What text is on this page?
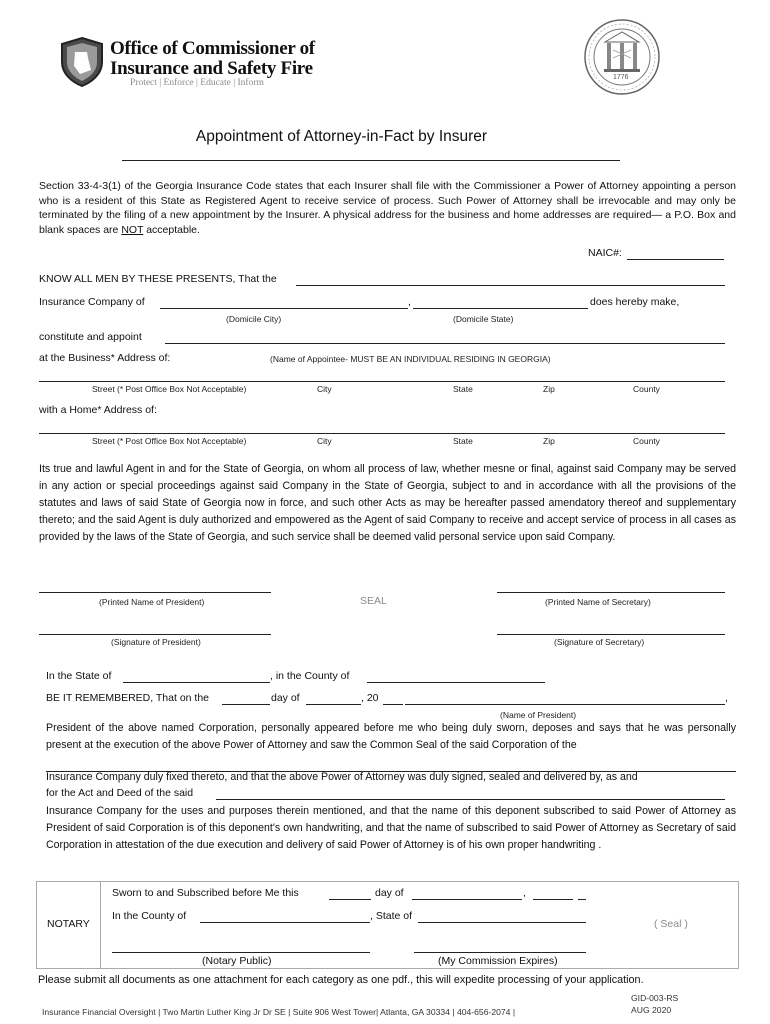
Office of Commissioner of
Insurance and Safety Fire
Protect | Enforce | Educate | Inform
1776
Appointment of Attorney-in-Fact by Insurer
Section 33-4-3(1) of the Georgia Insurance Code states that each Insurer shall file with the Commissioner a Power of Attorney appointing a person who is a resident of this State as Registered Agent to receive service of process. Such Power of Attorney shall be irrevocable and may only be terminated by the filing of a new appointment by the Insurer. A physical address for the business and home addresses are required— a P.O. Box and blank spaces are NOT acceptable.
NAIC#:
KNOW ALL MEN BY THESE PRESENTS, That the
Insurance Company of	,	does hereby make,
(Domicile City)	(Domicile State)
constitute and appoint
at the Business* Address of:	(Name of Appointee- MUST BE AN INDIVIDUAL RESIDING IN GEORGIA)
Street (* Post Office Box Not Acceptable)	City	State	Zip	County
with a Home* Address of:
Street (* Post Office Box Not Acceptable)	City	State	Zip	County
Its true and lawful Agent in and for the State of Georgia, on whom all process of law, whether mesne or final, against said Company may be served in any action or special proceedings against said Company in the State of Georgia, subject to and in accordance with all the provisions of the statutes and laws of said State of Georgia now in force, and such other Acts as may be hereafter passed amendatory thereof and supplementary thereto; and the said Agent is duly authorized and empowered as the Agent of said Company to receive and accept service of process in all cases as provided by the laws of the State of Georgia, and such service shall be deemed valid personal service upon said Company.
(Printed Name of President)	SEAL	(Printed Name of Secretary)
(Signature of President)	(Signature of Secretary)
In the State of	, in the County of
BE IT REMEMBERED, That on the	day of	, 20	,
(Name of President)
President of the above named Corporation, personally appeared before me who being duly sworn, deposes and says that he was personally present at the execution of the above Power of Attorney and saw the Common Seal of the said Corporation of the
Insurance Company duly fixed thereto, and that the above Power of Attorney was duly signed, sealed and delivered by, as and
for the Act and Deed of the said
Insurance Company for the uses and purposes therein mentioned, and that the name of this deponent subscribed to said Power of Attorney as President of said Corporation is of this deponent's own handwriting, and that the name of subscribed to said Power of Attorney as Secretary of said Corporation in attestation of the due execution and delivery of said Power of Attorney is of his own proper handwriting .
NOTARY
Sworn to and Subscribed before Me this	day of	,
In the County of	, State of
( Seal )
(Notary Public)	(My Commission Expires)
Please submit all documents as one attachment for each category as one pdf., this will expedite processing of your application.
Insurance Financial Oversight | Two Martin Luther King Jr Dr SE | Suite 906 West Tower| Atlanta, GA 30334 | 404-656-2074 |
GID-003-RS
AUG 2020
